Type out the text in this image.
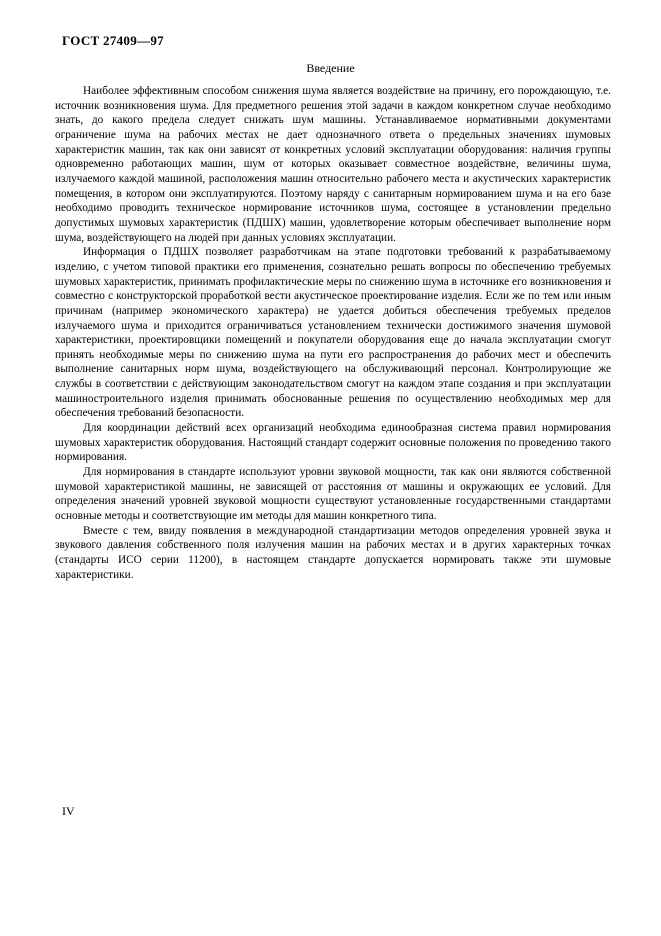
ГОСТ 27409—97
Введение

Наиболее эффективным способом снижения шума является воздействие на причину, его порождающую, т.е. источник возникновения шума. Для предметного решения этой задачи в каждом конкретном случае необходимо знать, до какого предела следует снижать шум машины. Устанавливаемое нормативными документами ограничение шума на рабочих местах не дает однозначного ответа о предельных значениях шумовых характеристик машин, так как они зависят от конкретных условий эксплуатации оборудования: наличия группы одновременно работающих машин, шум от которых оказывает совместное воздействие, величины шума, излучаемого каждой машиной, расположения машин относительно рабочего места и акустических характеристик помещения, в котором они эксплуатируются. Поэтому наряду с санитарным нормированием шума и на его базе необходимо проводить техническое нормирование источников шума, состоящее в установлении предельно допустимых шумовых характеристик (ПДШХ) машин, удовлетворение которым обеспечивает выполнение норм шума, воздействующего на людей при данных условиях эксплуатации.

Информация о ПДШХ позволяет разработчикам на этапе подготовки требований к разрабатываемому изделию, с учетом типовой практики его применения, сознательно решать вопросы по обеспечению требуемых шумовых характеристик, принимать профилактические меры по снижению шума в источнике его возникновения и совместно с конструкторской проработкой вести акустическое проектирование изделия. Если же по тем или иным причинам (например экономического характера) не удается добиться обеспечения требуемых пределов излучаемого шума и приходится ограничиваться установлением технически достижимого значения шумовой характеристики, проектировщики помещений и покупатели оборудования еще до начала эксплуатации смогут принять необходимые меры по снижению шума на пути его распространения до рабочих мест и обеспечить выполнение санитарных норм шума, воздействующего на обслуживающий персонал. Контролирующие же службы в соответствии с действующим законодательством смогут на каждом этапе создания и при эксплуатации машиностроительного изделия принимать обоснованные решения по осуществлению необходимых мер для обеспечения требований безопасности.

Для координации действий всех организаций необходима единообразная система правил нормирования шумовых характеристик оборудования. Настоящий стандарт содержит основные положения по проведению такого нормирования.

Для нормирования в стандарте используют уровни звуковой мощности, так как они являются собственной шумовой характеристикой машины, не зависящей от расстояния от машины и окружающих ее условий. Для определения значений уровней звуковой мощности существуют установленные государственными стандартами основные методы и соответствующие им методы для машин конкретного типа.

Вместе с тем, ввиду появления в международной стандартизации методов определения уровней звука и звукового давления собственного поля излучения машин на рабочих местах и в других характерных точках (стандарты ИСО серии 11200), в настоящем стандарте допускается нормировать также эти шумовые характеристики.

IV
